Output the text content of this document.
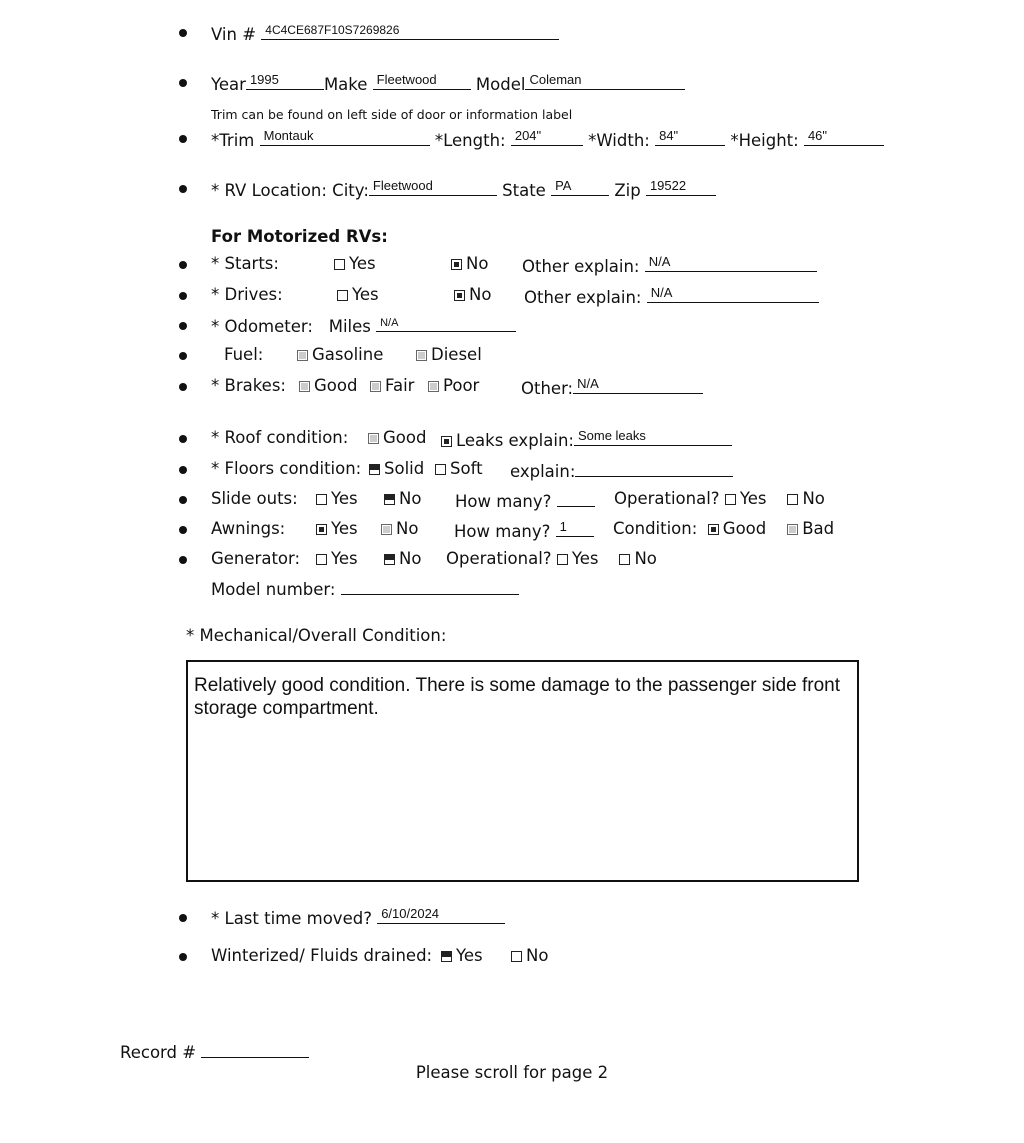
Vin # 4C4CE687F10S7269826
Year 1995	Make Fleetwood Model Coleman
Trim can be found on left side of door or information label
*Trim Montauk	*Length: 204"	*Width: 84"	*Height: 46"
* RV Location: City: Fleetwood	State PA	Zip 19522
For Motorized RVs:
* Starts:	Yes	No Other explain: N/A
* Drives:	Yes	No Other explain: N/A
* Odometer: Miles N/A
Fuel:	Gasoline	Diesel
* Brakes:	Good	Fair	Poor	Other: N/A
* Roof condition:	Good	Leaks explain: Some leaks
* Floors condition:	Solid	Soft explain:
Slide outs:	Yes	No How many?	Operational? Yes No
Awnings:	Yes	No How many? 1	Condition: Good Bad
Generator:	Yes	No Operational? Yes No
Model number:
* Mechanical/Overall Condition:
Relatively good condition. There is some damage to the passenger side front storage compartment.
* Last time moved? 6/10/2024
Winterized/ Fluids drained:	Yes	No
Record #
Please scroll for page 2
